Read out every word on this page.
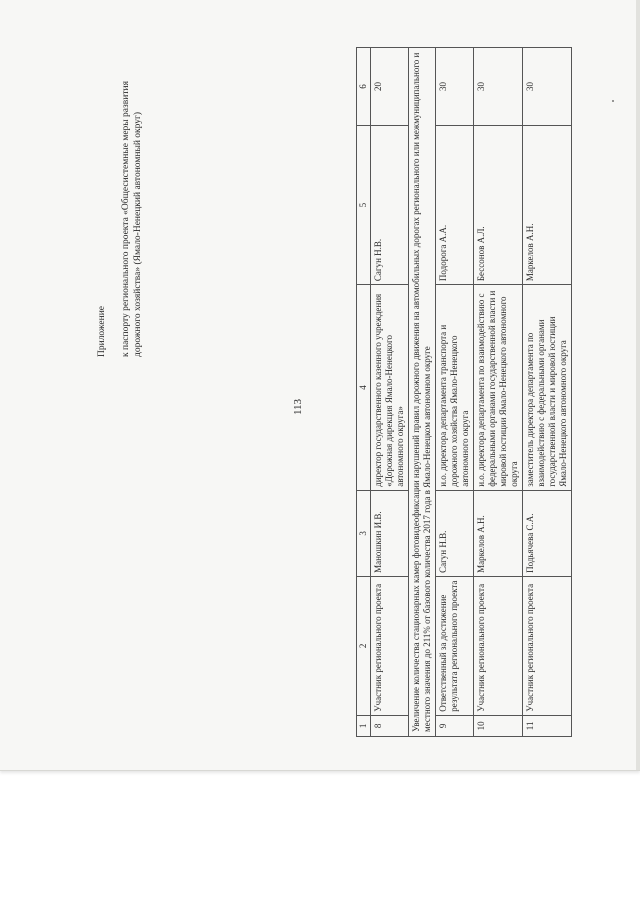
113
1	2	3	4	5	6
8	Участник регионального проекта	Маношкин И.В.	директор государственного казенного учреждения «Дорожная дирекция Ямало-Ненецкого автономного округа»	Сагун Н.В.	20
Увеличение количества стационарных камер фотовидеофиксации нарушений правил дорожного движения на автомобильных дорогах регионального или межмуниципального и местного значения до 211% от базового количества 2017 года в Ямало-Ненецком автономном округе					
9	Ответственный за достижение результата регионального проекта	Сагун Н.В.	и.о. директора департамента транспорта и дорожного хозяйства Ямало-Ненецкого автономного округа	Подорога А.А.	30
10	Участник регионального проекта	Маркелов А.Н.	и.о. директора департамента по взаимодействию с федеральными органами государственной власти и мировой юстиции Ямало-Ненецкого автономного округа	Бессонов А.Л.	30
11	Участник регионального проекта	Подьячева С.А.	заместитель директора департамента по взаимодействию с федеральными органами государственной власти и мировой юстиции Ямало-Ненецкого автономного округа	Маркелов А.Н.	30
Приложение к паспорту регионального проекта «Общесистемные меры развития дорожного хозяйства» (Ямало-Ненецкий автономный округ)
